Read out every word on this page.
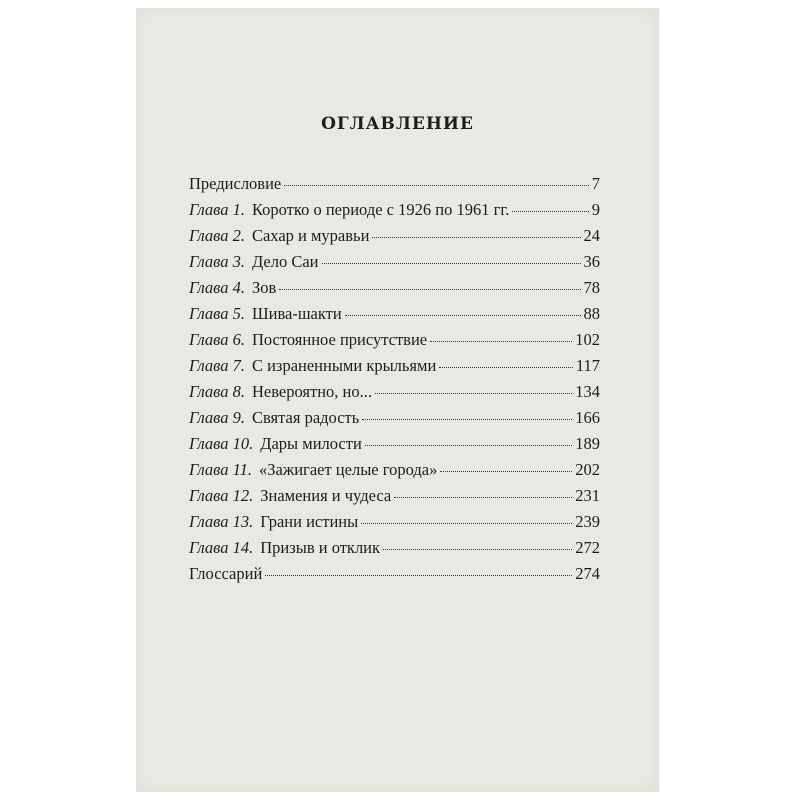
ОГЛАВЛЕНИЕ
Предисловие	7
Глава 1. Коротко о периоде с 1926 по 1961 гг.	9
Глава 2. Сахар и муравьи	24
Глава 3. Дело Саи	36
Глава 4. Зов	78
Глава 5. Шива-шакти	88
Глава 6. Постоянное присутствие	102
Глава 7. С израненными крыльями	117
Глава 8. Невероятно, но...	134
Глава 9. Святая радость	166
Глава 10. Дары милости	189
Глава 11. «Зажигает целые города»	202
Глава 12. Знамения и чудеса	231
Глава 13. Грани истины	239
Глава 14. Призыв и отклик	272
Глоссарий	274
